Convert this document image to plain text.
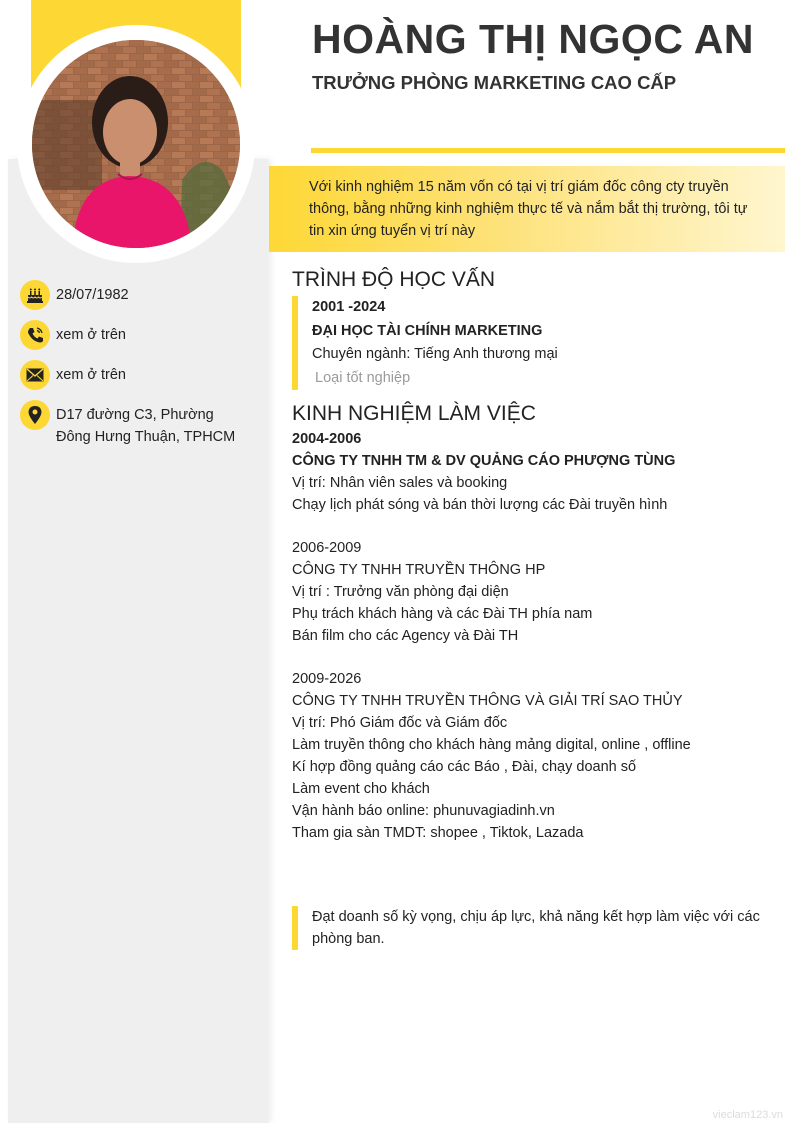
28/07/1982
xem ở trên
xem ở trên
D17 đường C3, Phường
Đông Hưng Thuận, TPHCM
HOÀNG THỊ NGỌC AN
TRƯỞNG PHÒNG MARKETING CAO CẤP
Với kinh nghiệm 15 năm vốn có tại vị trí giám đốc công cty truyền thông, bằng những kinh nghiệm thực tế và nắm bắt thị trường, tôi tự tin xin ứng tuyển vị trí này
TRÌNH ĐỘ HỌC VẤN
2001 -2024
ĐẠI HỌC TÀI CHÍNH MARKETING
Chuyên ngành: Tiếng Anh thương mại
Loại tốt nghiệp
KINH NGHIỆM LÀM VIỆC
2004-2006
CÔNG TY TNHH TM & DV QUẢNG CÁO PHƯỢNG TÙNG
Vị trí: Nhân viên sales và booking
Chạy lịch phát sóng và bán thời lượng các Đài truyền hình
2006-2009
CÔNG TY TNHH TRUYỀN THÔNG HP
Vị trí : Trưởng văn phòng đại diện
Phụ trách khách hàng và các Đài TH phía nam
Bán film cho các Agency và Đài TH
2009-2026
CÔNG TY TNHH TRUYỀN THÔNG VÀ GIẢI TRÍ SAO THỦY
Vị trí: Phó Giám đốc và Giám đốc
Làm truyền thông cho khách hàng mảng digital, online , offline
Kí hợp đồng quảng cáo các Báo , Đài, chạy doanh số
Làm event cho khách
Vận hành báo online: phunuvagiadinh.vn
Tham gia sàn TMDT: shopee , Tiktok, Lazada
Đạt doanh số kỳ vọng, chịu áp lực, khả năng kết hợp làm việc với các phòng ban.
vieclam123.vn
